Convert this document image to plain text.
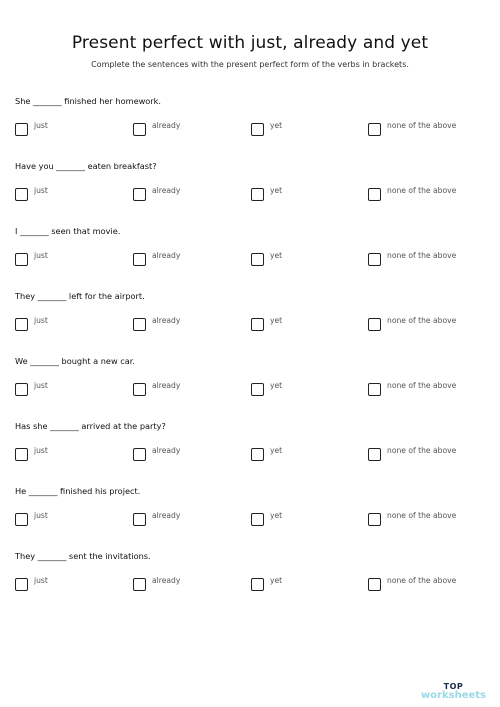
Present perfect with just, already and yet
Complete the sentences with the present perfect form of the verbs in brackets.
She _______ finished her homework.
just	already	yet	none of the above
Have you _______ eaten breakfast?
just	already	yet	none of the above
I _______ seen that movie.
just	already	yet	none of the above
They _______ left for the airport.
just	already	yet	none of the above
We _______ bought a new car.
just	already	yet	none of the above
Has she _______ arrived at the party?
just	already	yet	none of the above
He _______ finished his project.
just	already	yet	none of the above
They _______ sent the invitations.
just	already	yet	none of the above
TOP
worksheets
